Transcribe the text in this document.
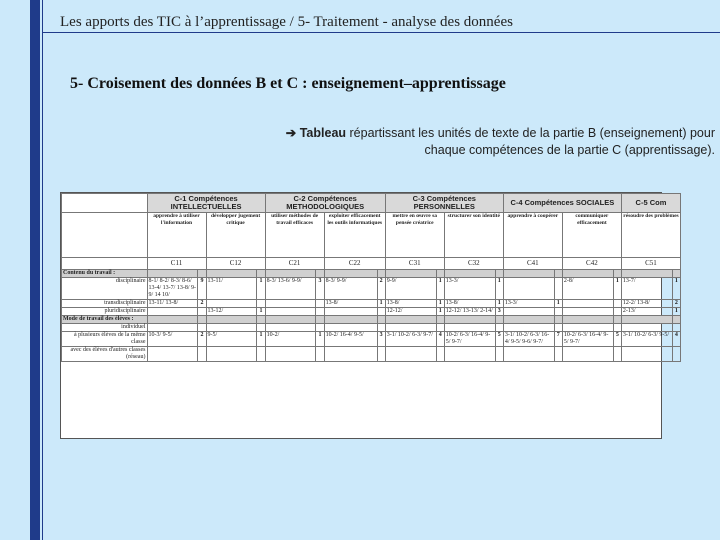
Les apports des TIC à l’apprentissage / 5- Traitement - analyse des données
5- Croisement des données B et C : enseignement–apprentissage
➔ Tableau répartissant les unités de texte de la partie B (enseignement) pour
chaque compétences de la partie C (apprentissage).
	C-1 Compétences INTELLECTUELLES				C-2 Compétences METHODOLOGIQUES				C-3 Compétences PERSONNELLES				C-4 Compétences SOCIALES				C-5 Com	
	apprendre à utiliser l'information		développer jugement critique		utiliser méthodes de travail efficaces		exploiter efficacement les outils informatiques		mettre en œuvre sa pensée créatrice		structurer son identité		apprendre à coopérer		communiquer efficacement		résoudre des problèmes	
	C11		C12		C21		C22		C31		C32		C41		C42		C51	
Contenu du travail :																		
disciplinaire	8-1/ 8-2/ 8-3/ 8-6/ 13-4/ 13-7/ 13-8/ 9-9/ 14 10/	9	13-11/	1	8-3/ 13-6/ 9-9/	3	8-3/ 9-9/	2	9-9/	1	13-3/	1			2-8/	1	13-7/	1
transdisciplinaire	13-11/ 13-8/	2					13-8/	1	13-8/	1	13-8/	1	13-3/	1			12-2/ 13-8/	2
pluridisciplinaire			13-12/	1					12-12/	1	12-12/ 13-13/ 2-14/	3					2-13/	1
Mode de travail des élèves :																		
individuel																		
à plusieurs élèves de la même classe	10-3/ 9-5/	2	9-5/	1	10-2/	1	10-2/ 16-4/ 9-5/	3	3-1/ 10-2/ 6-3/ 9-7/	4	10-2/ 6-3/ 16-4/ 9-5/ 9-7/	5	3-1/ 10-2/ 6-3/ 16-4/ 9-5/ 9-6/ 9-7/	7	10-2/ 6-3/ 16-4/ 9-5/ 9-7/	5	3-1/ 10-2/ 6-3/ 9-5/	4
avec des élèves d'autres classes (réseau)																		
